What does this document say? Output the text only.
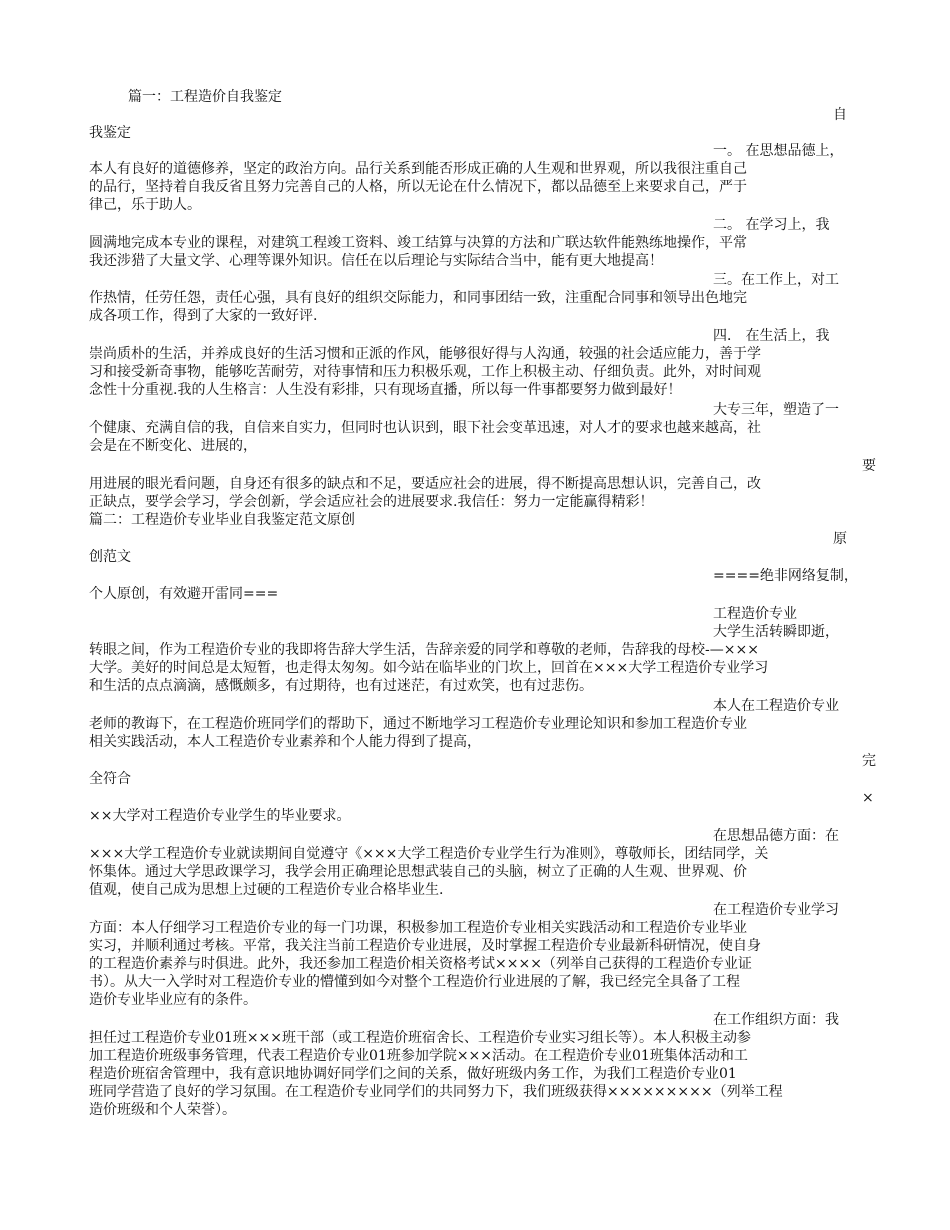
篇一：工程造价自我鉴定
自
我鉴定
一。 在思想品德上，
本人有良好的道德修养，坚定的政治方向。品行关系到能否形成正确的人生观和世界观，所以我很注重自己
的品行，坚持着自我反省且努力完善自己的人格，所以无论在什么情况下，都以品德至上来要求自己，严于
律己，乐于助人。
二。 在学习上，我
圆满地完成本专业的课程，对建筑工程竣工资料、竣工结算与决算的方法和广联达软件能熟练地操作，平常
我还涉猎了大量文学、心理等课外知识。信任在以后理论与实际结合当中，能有更大地提高！
三。在工作上，对工
作热情，任劳任怨，责任心强，具有良好的组织交际能力，和同事团结一致，注重配合同事和领导出色地完
成各项工作，得到了大家的一致好评.
四． 在生活上，我
崇尚质朴的生活，并养成良好的生活习惯和正派的作风，能够很好得与人沟通，较强的社会适应能力，善于学
习和接受新奇事物，能够吃苦耐劳，对待事情和压力积极乐观，工作上积极主动、仔细负责。此外，对时间观
念性十分重视.我的人生格言：人生没有彩排，只有现场直播，所以每一件事都要努力做到最好！
大专三年，塑造了一
个健康、充满自信的我，自信来自实力，但同时也认识到，眼下社会变革迅速，对人才的要求也越来越高，社
会是在不断变化、进展的，
要
用进展的眼光看问题，自身还有很多的缺点和不足，要适应社会的进展，得不断提高思想认识，完善自己，改
正缺点，要学会学习，学会创新，学会适应社会的进展要求.我信任：努力一定能赢得精彩！
篇二：工程造价专业毕业自我鉴定范文原创
原
创范文
====绝非网络复制，
个人原创，有效避开雷同===
工程造价专业
大学生活转瞬即逝，
转眼之间，作为工程造价专业的我即将告辞大学生活，告辞亲爱的同学和尊敬的老师，告辞我的母校-—×××
大学。美好的时间总是太短暂，也走得太匆匆。如今站在临毕业的门坎上，回首在×××大学工程造价专业学习
和生活的点点滴滴，感慨颇多，有过期待，也有过迷茫，有过欢笑，也有过悲伤。
本人在工程造价专业
老师的教诲下，在工程造价班同学们的帮助下，通过不断地学习工程造价专业理论知识和参加工程造价专业
相关实践活动，本人工程造价专业素养和个人能力得到了提高，
完
全符合
×
××大学对工程造价专业学生的毕业要求。
在思想品德方面：在
×××大学工程造价专业就读期间自觉遵守《×××大学工程造价专业学生行为准则》，尊敬师长，团结同学，关
怀集体。通过大学思政课学习，我学会用正确理论思想武装自己的头脑，树立了正确的人生观、世界观、价
值观，使自己成为思想上过硬的工程造价专业合格毕业生.
在工程造价专业学习
方面：本人仔细学习工程造价专业的每一门功课，积极参加工程造价专业相关实践活动和工程造价专业毕业
实习，并顺利通过考核。平常，我关注当前工程造价专业进展，及时掌握工程造价专业最新科研情况，使自身
的工程造价素养与时俱进。此外，我还参加工程造价相关资格考试××××（列举自己获得的工程造价专业证
书）。从大一入学时对工程造价专业的懵懂到如今对整个工程造价行业进展的了解，我已经完全具备了工程
造价专业毕业应有的条件。
在工作组织方面：我
担任过工程造价专业01班×××班干部（或工程造价班宿舍长、工程造价专业实习组长等）。本人积极主动参
加工程造价班级事务管理，代表工程造价专业01班参加学院×××活动。在工程造价专业01班集体活动和工
程造价班宿舍管理中，我有意识地协调好同学们之间的关系，做好班级内务工作，为我们工程造价专业01
班同学营造了良好的学习氛围。在工程造价专业同学们的共同努力下，我们班级获得×××××××××（列举工程
造价班级和个人荣誉）。
